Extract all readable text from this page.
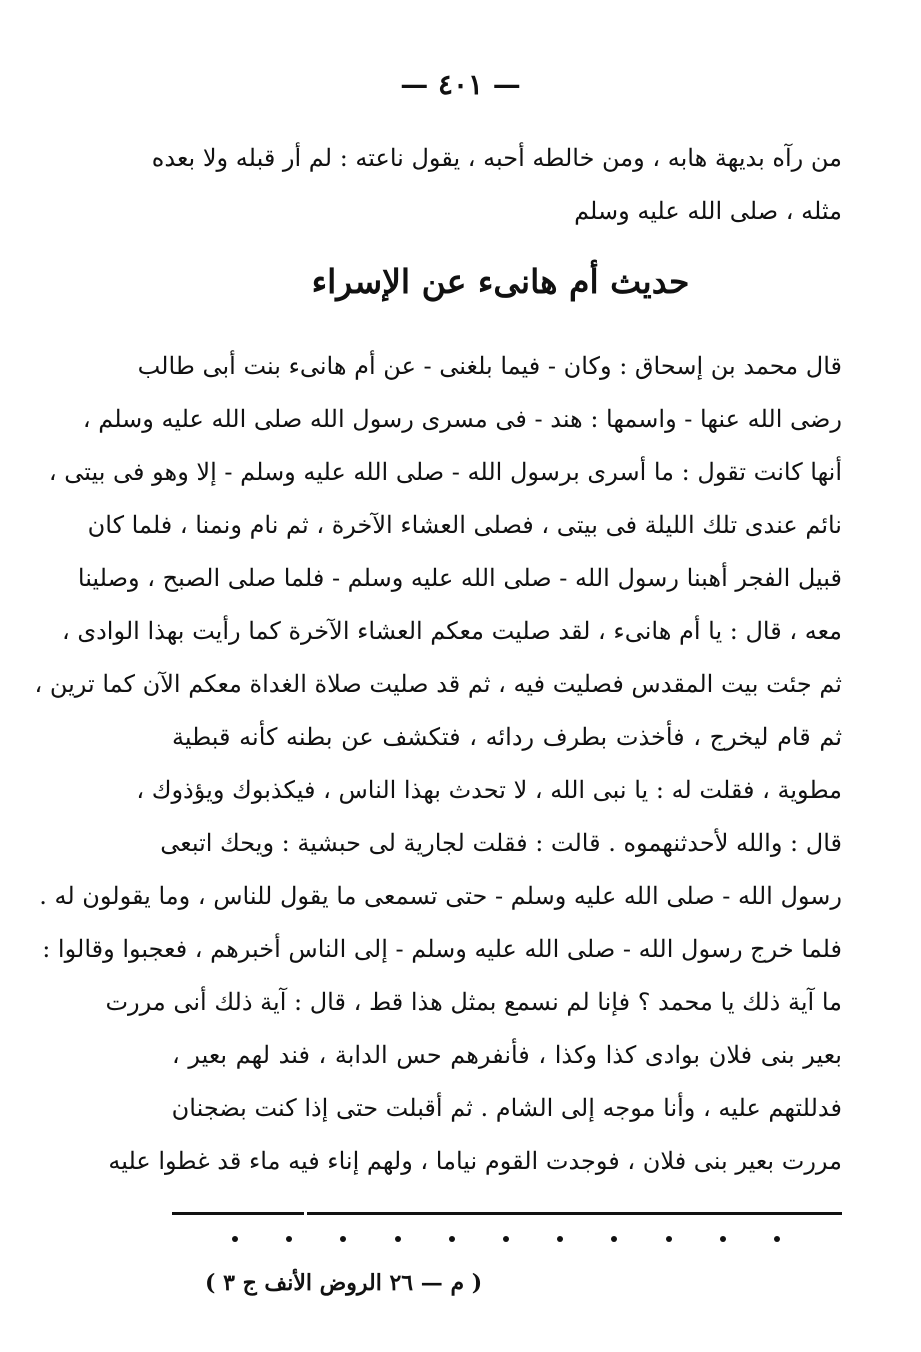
— ٤٠١ —
من رآه بديهة هابه ، ومن خالطه أحبه ، يقول ناعته : لم أر قبله ولا بعده
مثله ، صلى الله عليه وسلم
حديث أم هانىء عن الإسراء
قال محمد بن إسحاق : وكان - فيما بلغنى - عن أم هانىء بنت أبى طالب
رضى الله عنها - واسمها : هند - فى مسرى رسول الله صلى الله عليه وسلم ،
أنها كانت تقول : ما أسرى برسول الله - صلى الله عليه وسلم - إلا وهو فى بيتى ،
نائم عندى تلك الليلة فى بيتى ، فصلى العشاء الآخرة ، ثم نام ونمنا ، فلما كان
قبيل الفجر أهبنا رسول الله - صلى الله عليه وسلم - فلما صلى الصبح ، وصلينا
معه ، قال : يا أم هانىء ، لقد صليت معكم العشاء الآخرة كما رأيت بهذا الوادى ،
ثم جئت بيت المقدس فصليت فيه ، ثم قد صليت صلاة الغداة معكم الآن كما ترين ،
ثم قام ليخرج ، فأخذت بطرف ردائه ، فتكشف عن بطنه كأنه قبطية
مطوية ، فقلت له : يا نبى الله ، لا تحدث بهذا الناس ، فيكذبوك ويؤذوك ،
قال : والله لأحدثنهموه . قالت : فقلت لجارية لى حبشية : ويحك اتبعى
رسول الله - صلى الله عليه وسلم - حتى تسمعى ما يقول للناس ، وما يقولون له .
فلما خرج رسول الله - صلى الله عليه وسلم - إلى الناس أخبرهم ، فعجبوا وقالوا :
ما آية ذلك يا محمد ؟ فإنا لم نسمع بمثل هذا قط ، قال : آية ذلك أنى مررت
بعير بنى فلان بوادى كذا وكذا ، فأنفرهم حس الدابة ، فند لهم بعير ،
فدللتهم عليه ، وأنا موجه إلى الشام . ثم أقبلت حتى إذا كنت بضجنان
مررت بعير بنى فلان ، فوجدت القوم نياما ، ولهم إناء فيه ماء قد غطوا عليه
( م — ٢٦ الروض الأنف ج ٣ )
